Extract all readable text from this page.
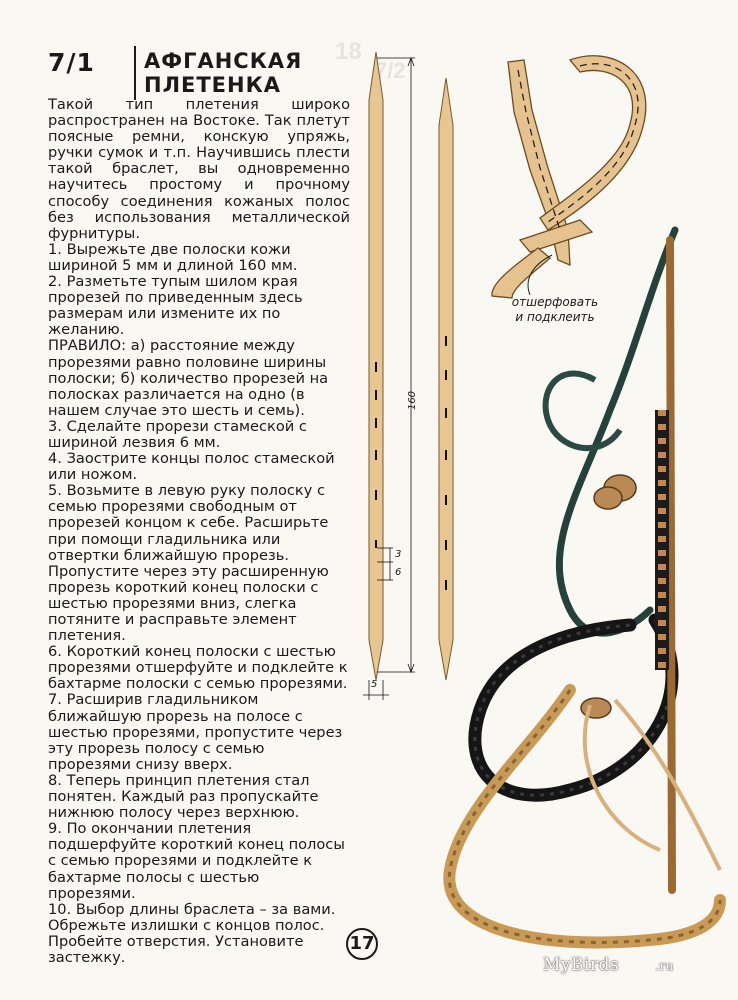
18
7/2
7/1 АФГАНСКАЯ
ПЛЕТЕНКА

Такой тип плетения широко распространен на Востоке. Так плетут поясные ремни, конскую упряжь, ручки сумок и т.п. Научившись плести такой браслет, вы одновременно научитесь простому и прочному способу соединения кожаных полос без использования металлической фурнитуры.

1. Вырежьте две полоски кожи шириной 5 мм и длиной 160 мм.

2. Разметьте тупым шилом края прорезей по приведенным здесь размерам или измените их по желанию.

ПРАВИЛО: а) расстояние между прорезями равно половине ширины полоски; б) количество прорезей на полосках различается на одно (в нашем случае это шесть и семь).

3. Сделайте прорези стамеской с шириной лезвия 6 мм.

4. Заострите концы полос стамеской или ножом.

5. Возьмите в левую руку полоску с семью прорезями свободным от прорезей концом к себе. Расширьте при помощи гладильника или отвертки ближайшую прорезь. Пропустите через эту расширенную прорезь короткий конец полоски с шестью прорезями вниз, слегка потяните и расправьте элемент плетения.

6. Короткий конец полоски с шестью прорезями отшерфуйте и подклейте к бахтарме полоски с семью прорезями.

7. Расширив гладильником ближайшую прорезь на полосе с шестью прорезями, пропустите через эту прорезь полосу с семью прорезями снизу вверх.

8. Теперь принцип плетения стал понятен. Каждый раз пропускайте нижнюю полосу через верхнюю.

9. По окончании плетения подшерфуйте короткий конец полосы с семью прорезями и подклейте к бахтарме полосы с шестью прорезями.

10. Выбор длины браслета – за вами. Обрежьте излишки с концов полос. Пробейте отверстия. Установите застежку.

160
3
6
5
отшерфовать
и подклеить
17
MyBirds	.ru
